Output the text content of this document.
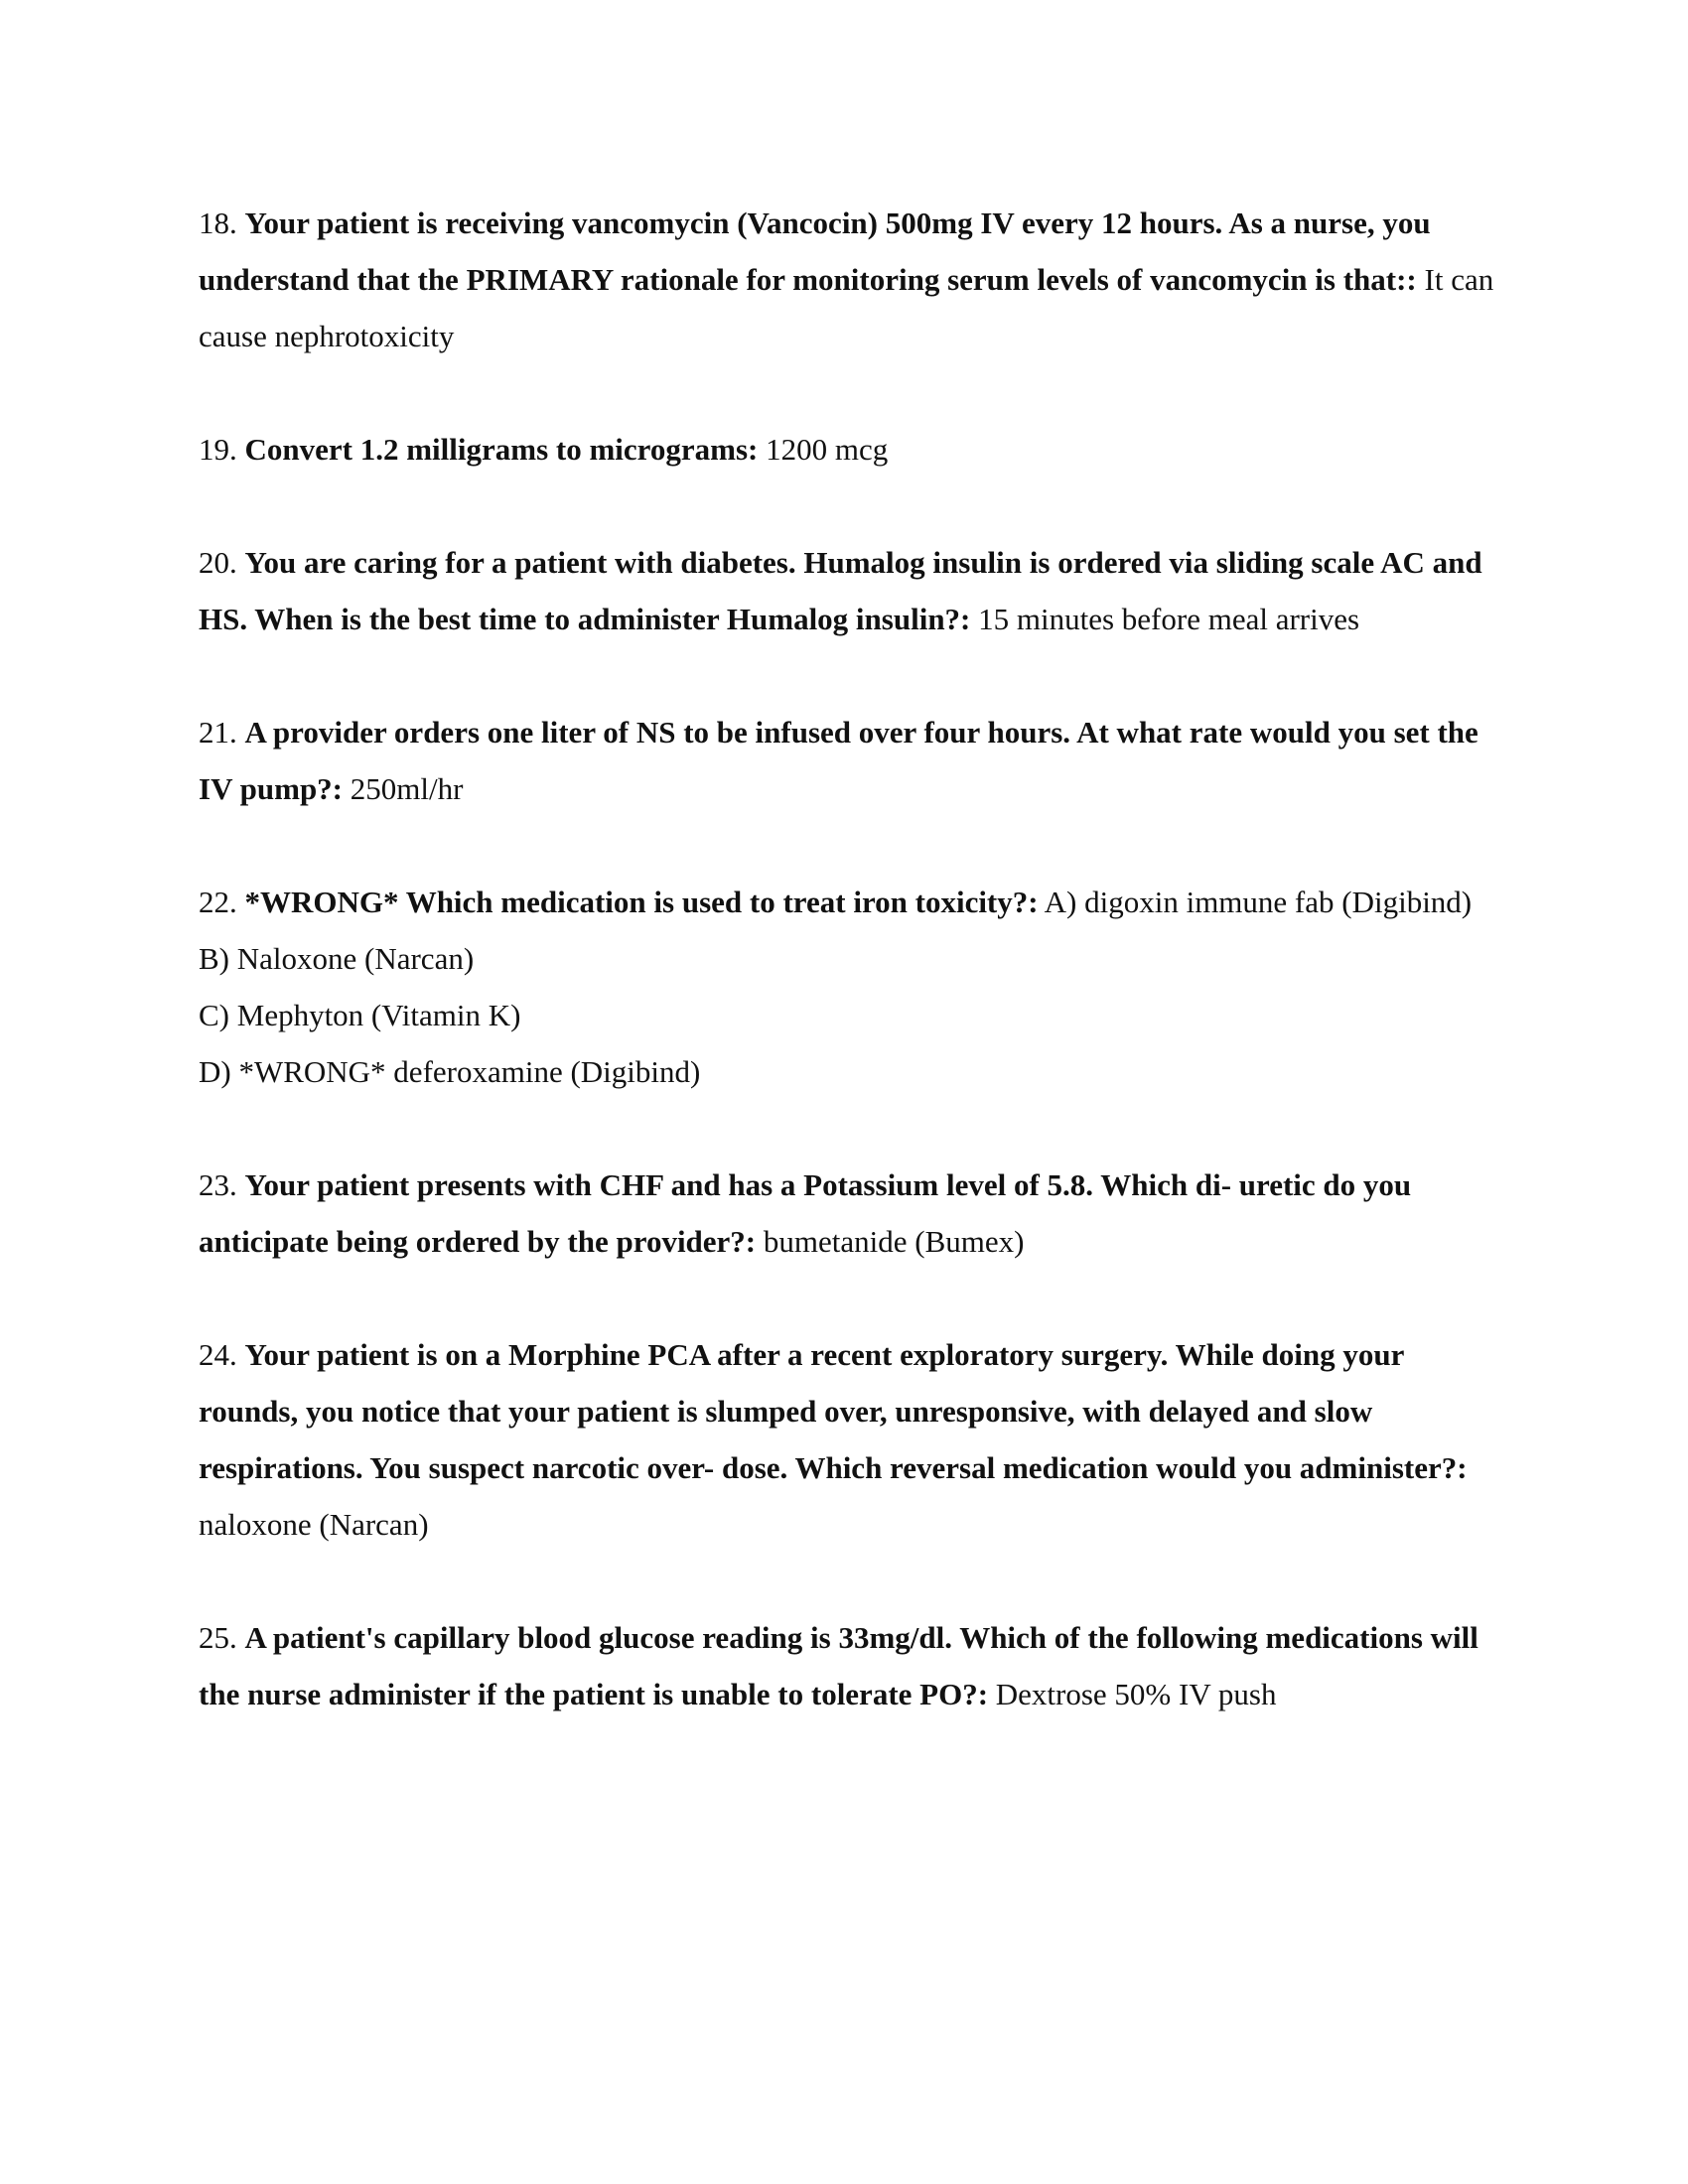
18. Your patient is receiving vancomycin (Vancocin) 500mg IV every 12 hours. As a nurse, you understand that the PRIMARY rationale for monitoring serum levels of vancomycin is that:: It can cause nephrotoxicity

19. Convert 1.2 milligrams to micrograms: 1200 mcg

20. You are caring for a patient with diabetes. Humalog insulin is ordered via sliding scale AC and HS. When is the best time to administer Humalog insulin?: 15 minutes before meal arrives

21. A provider orders one liter of NS to be infused over four hours. At what rate would you set the IV pump?: 250ml/hr

22. *WRONG* Which medication is used to treat iron toxicity?: A) digoxin immune fab (Digibind)

B) Naloxone (Narcan)

C) Mephyton (Vitamin K)

D) *WRONG* deferoxamine (Digibind)

23. Your patient presents with CHF and has a Potassium level of 5.8. Which di- uretic do you anticipate being ordered by the provider?: bumetanide (Bumex)

24. Your patient is on a Morphine PCA after a recent exploratory surgery. While doing your rounds, you notice that your patient is slumped over, unresponsive, with delayed and slow respirations. You suspect narcotic over- dose. Which reversal medication would you administer?: naloxone (Narcan)

25. A patient's capillary blood glucose reading is 33mg/dl. Which of the following medications will the nurse administer if the patient is unable to tolerate PO?: Dextrose 50% IV push
